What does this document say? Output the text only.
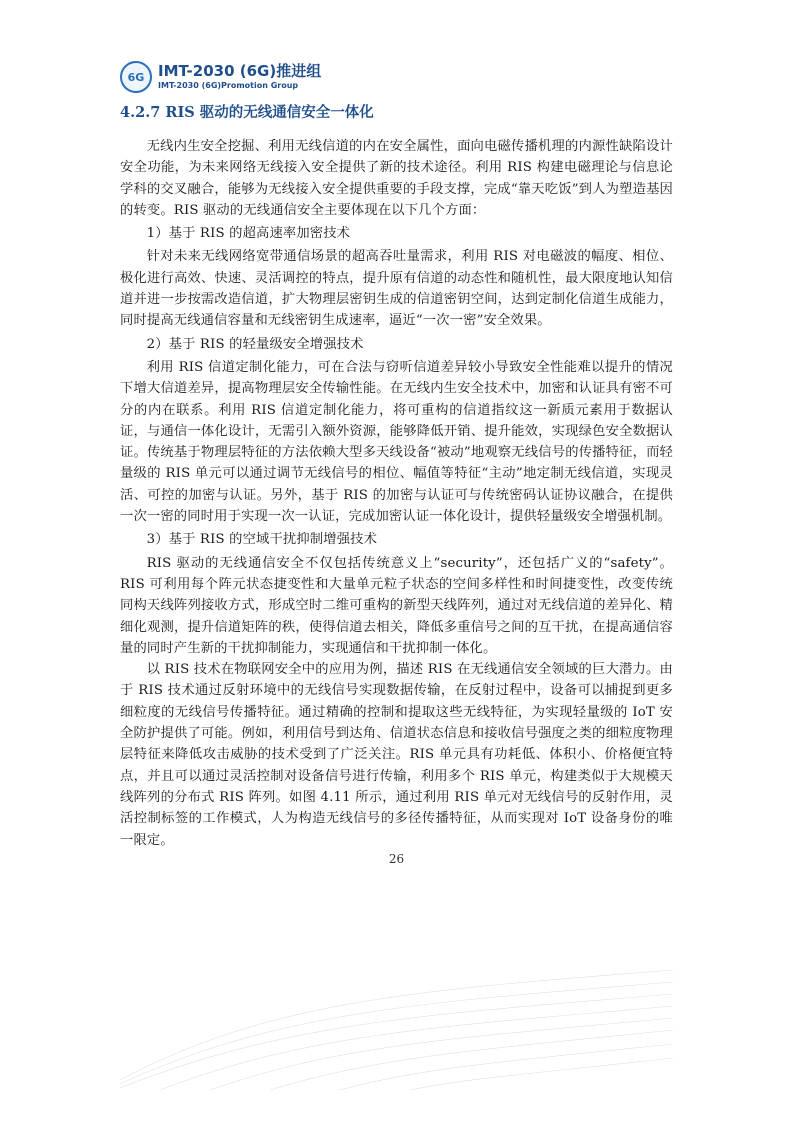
6G IMT-2030 (6G)推进组
IMT-2030 (6G)Promotion Group
4.2.7 RIS 驱动的无线通信安全一体化

无线内生安全挖掘、利用无线信道的内在安全属性，面向电磁传播机理的内源性缺陷设计安全功能，为未来网络无线接入安全提供了新的技术途径。利用 RIS 构建电磁理论与信息论学科的交叉融合，能够为无线接入安全提供重要的手段支撑，完成“靠天吃饭”到人为塑造基因的转变。RIS 驱动的无线通信安全主要体现在以下几个方面：

1）基于 RIS 的超高速率加密技术

针对未来无线网络宽带通信场景的超高吞吐量需求，利用 RIS 对电磁波的幅度、相位、极化进行高效、快速、灵活调控的特点，提升原有信道的动态性和随机性，最大限度地认知信道并进一步按需改造信道，扩大物理层密钥生成的信道密钥空间，达到定制化信道生成能力，同时提高无线通信容量和无线密钥生成速率，逼近“一次一密”安全效果。

2）基于 RIS 的轻量级安全增强技术

利用 RIS 信道定制化能力，可在合法与窃听信道差异较小导致安全性能难以提升的情况下增大信道差异，提高物理层安全传输性能。在无线内生安全技术中，加密和认证具有密不可分的内在联系。利用 RIS 信道定制化能力，将可重构的信道指纹这一新质元素用于数据认证，与通信一体化设计，无需引入额外资源，能够降低开销、提升能效，实现绿色安全数据认证。传统基于物理层特征的方法依赖大型多天线设备“被动”地观察无线信号的传播特征，而轻量级的 RIS 单元可以通过调节无线信号的相位、幅值等特征“主动”地定制无线信道，实现灵活、可控的加密与认证。另外，基于 RIS 的加密与认证可与传统密码认证协议融合，在提供一次一密的同时用于实现一次一认证，完成加密认证一体化设计，提供轻量级安全增强机制。

3）基于 RIS 的空域干扰抑制增强技术

RIS 驱动的无线通信安全不仅包括传统意义上“security”，还包括广义的“safety”。RIS 可利用每个阵元状态捷变性和大量单元粒子状态的空间多样性和时间捷变性，改变传统同构天线阵列接收方式，形成空时二维可重构的新型天线阵列，通过对无线信道的差异化、精细化观测，提升信道矩阵的秩，使得信道去相关，降低多重信号之间的互干扰，在提高通信容量的同时产生新的干扰抑制能力，实现通信和干扰抑制一体化。

以 RIS 技术在物联网安全中的应用为例，描述 RIS 在无线通信安全领域的巨大潜力。由于 RIS 技术通过反射环境中的无线信号实现数据传输，在反射过程中，设备可以捕捉到更多细粒度的无线信号传播特征。通过精确的控制和提取这些无线特征，为实现轻量级的 IoT 安全防护提供了可能。例如，利用信号到达角、信道状态信息和接收信号强度之类的细粒度物理层特征来降低攻击威胁的技术受到了广泛关注。RIS 单元具有功耗低、体积小、价格便宜特点，并且可以通过灵活控制对设备信号进行传输，利用多个 RIS 单元，构建类似于大规模天线阵列的分布式 RIS 阵列。如图 4.11 所示，通过利用 RIS 单元对无线信号的反射作用，灵活控制标签的工作模式，人为构造无线信号的多径传播特征，从而实现对 IoT 设备身份的唯一限定。

26
